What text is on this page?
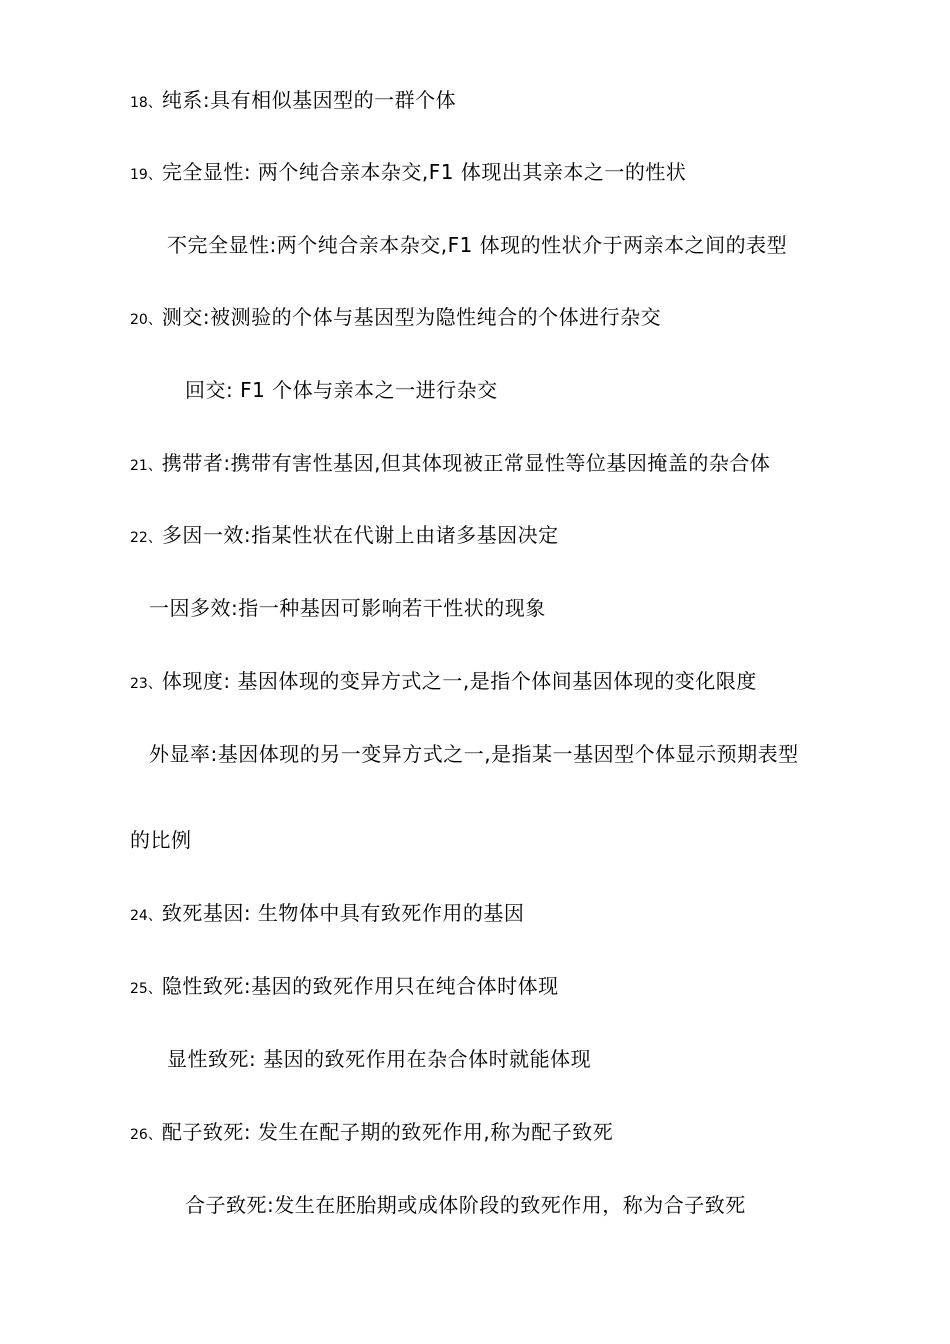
18、纯系:具有相似基因型的一群个体
19、完全显性: 两个纯合亲本杂交,F1 体现出其亲本之一的性状
不完全显性:两个纯合亲本杂交,F1 体现的性状介于两亲本之间的表型
20、测交:被测验的个体与基因型为隐性纯合的个体进行杂交
回交: F1 个体与亲本之一进行杂交
21、携带者:携带有害性基因,但其体现被正常显性等位基因掩盖的杂合体
22、多因一效:指某性状在代谢上由诸多基因决定
一因多效:指一种基因可影响若干性状的现象
23、体现度: 基因体现的变异方式之一,是指个体间基因体现的变化限度
外显率:基因体现的另一变异方式之一,是指某一基因型个体显示预期表型
的比例
24、致死基因: 生物体中具有致死作用的基因
25、隐性致死:基因的致死作用只在纯合体时体现
显性致死: 基因的致死作用在杂合体时就能体现
26、配子致死: 发生在配子期的致死作用,称为配子致死
合子致死:发生在胚胎期或成体阶段的致死作用，称为合子致死
